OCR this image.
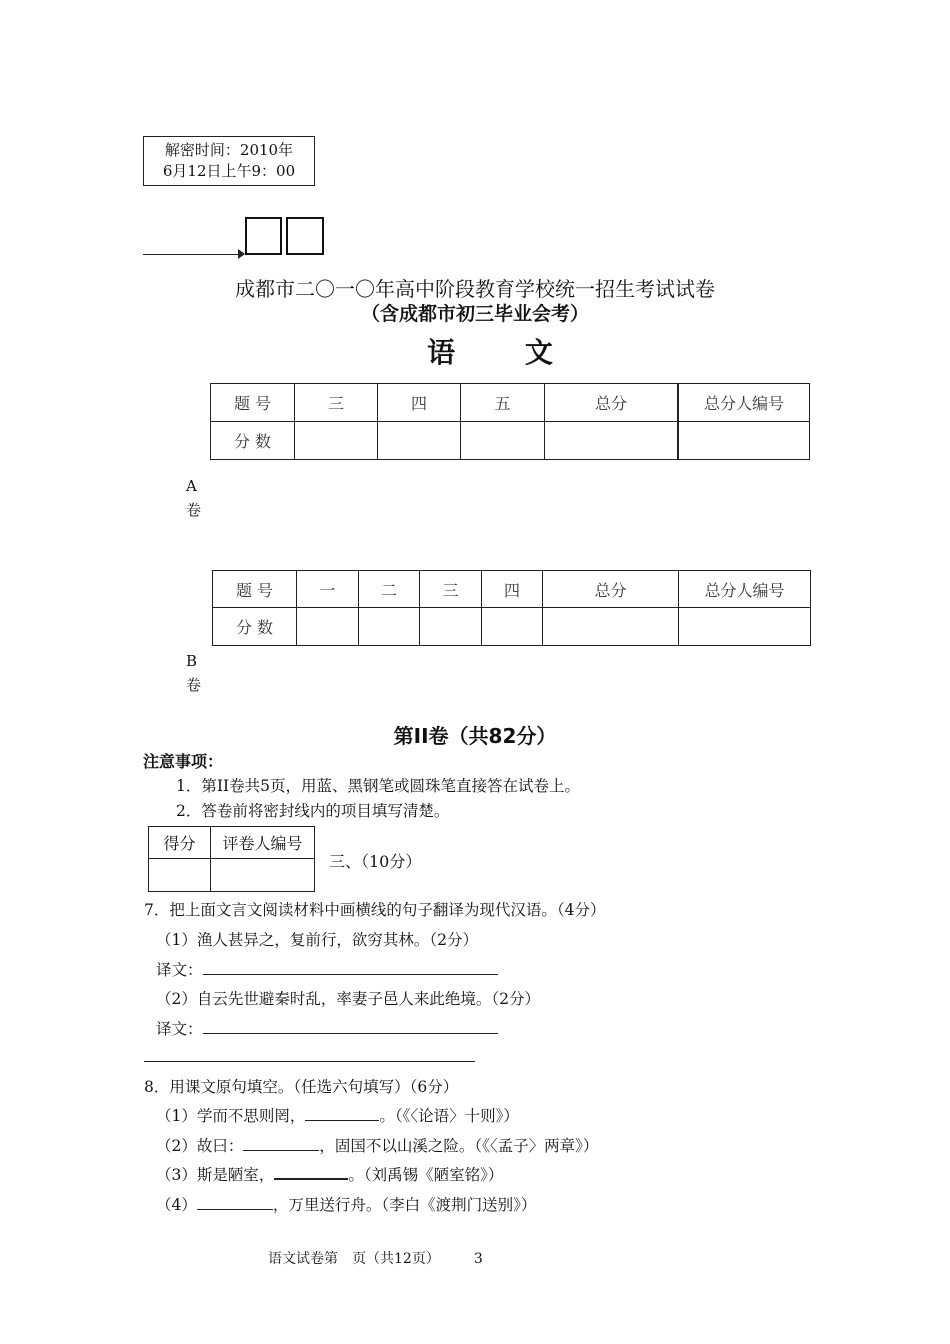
解密时间：2010年
6月12日上午9：00
成都市二〇一〇年高中阶段教育学校统一招生考试试卷
（含成都市初三毕业会考）
语 文
题 号	三	四	五	总分	总分人编号
分 数					
A
卷
题 号	一	二	三	四	总分	总分人编号
分 数						
B
卷
第II卷（共82分）
注意事项：
1．第II卷共5页，用蓝、黑钢笔或圆珠笔直接答在试卷上。
2．答卷前将密封线内的项目填写清楚。
得分	评卷人编号

三、（10分）
7．把上面文言文阅读材料中画横线的句子翻译为现代汉语。（4分）
（1）渔人甚异之，复前行，欲穷其林。（2分）
译文：
（2）自云先世避秦时乱，率妻子邑人来此绝境。（2分）
译文：
8．用课文原句填空。（任选六句填写）（6分）
（1）学而不思则罔，	。（《〈论语〉十则》）
（2）故曰：	，固国不以山溪之险。（《〈孟子〉两章》）
（3）斯是陋室，	。（刘禹锡《陋室铭》）
（4）	，万里送行舟。（李白《渡荆门送别》）
语文试卷第　页（共12页） 3
